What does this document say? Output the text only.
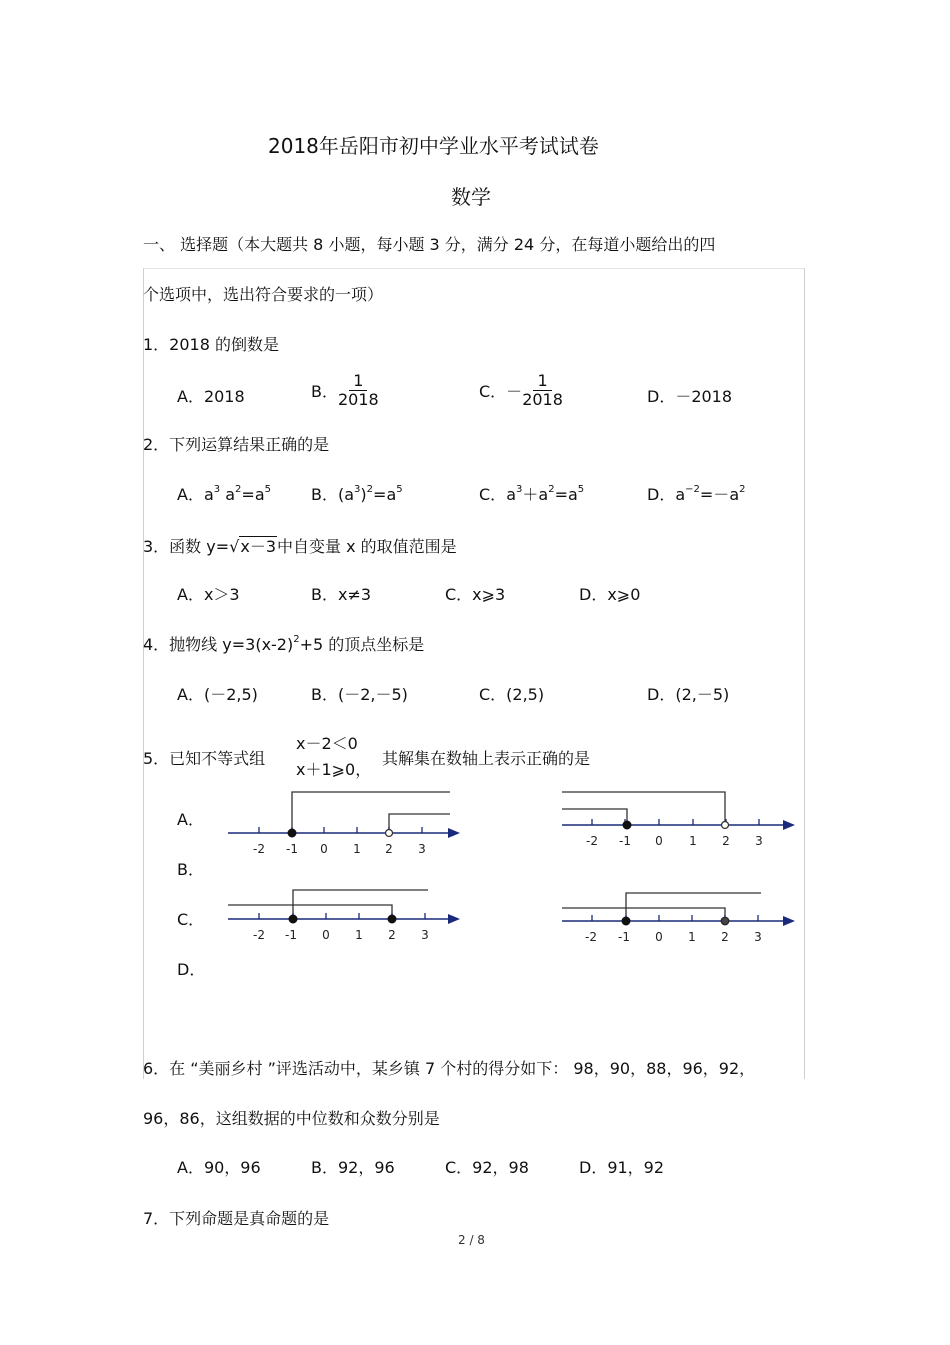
2018年岳阳市初中学业水平考试试卷
数学
一、 选择题（本大题共 8 小题，每小题 3 分，满分 24 分，在每道小题给出的四
个选项中，选出符合要求的一项）
1．2018 的倒数是
A．2018	B． $\frac{1}{2018}$	C．－ $\frac{1}{2018}$	D．－2018
2．下列运算结果正确的是
A．$a^3$ $a^2=a^5$ B．$(a^3)^2=a^5$	C．$a^3+a^2=a^5$	D．$a^{-2}=-a^2$
3．函数 y=√x－3中自变量 x 的取值范围是
A．x＞3	B．x≠3	C．x⩾3	D．x⩾0
4．抛物线 $y=3(x-2)^2+5$ 的顶点坐标是
A．(－2,5)	B．(－2,－5)	C．(2,5)	D．(2,－5)
5．已知不等式组
x－2＜0
x＋1⩾0，
其解集在数轴上表示正确的是
A．
B．
C．
D．
-2 -1 0 1 2 3
-2 -1 0 1 2 3
-2 -1 0 1 2 3	-2 -1 0 1 2 3
6．在 “美丽乡村 ”评选活动中，某乡镇 7 个村的得分如下： 98，90，88，96，92，
96，86，这组数据的中位数和众数分别是
A．90，96	B．92，96	C．92，98	D．91，92
7．下列命题是真命题的是
2 / 8
